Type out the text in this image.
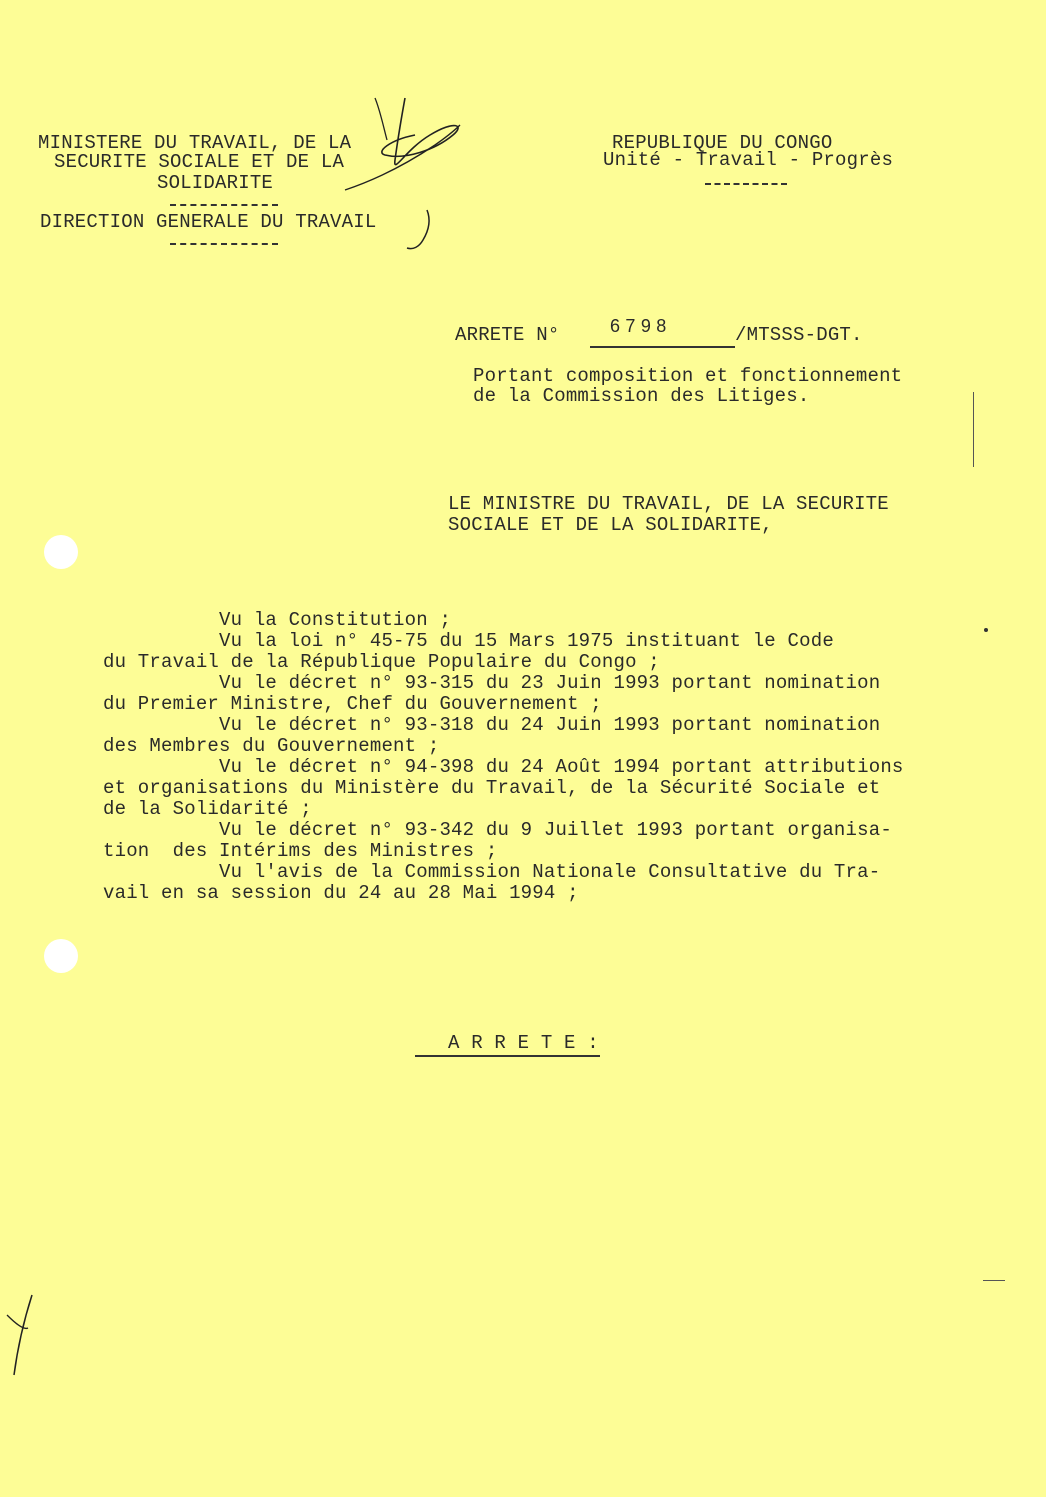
MINISTERE DU TRAVAIL, DE LA
SECURITE SOCIALE ET DE LA
SOLIDARITE
DIRECTION GENERALE DU TRAVAIL
REPUBLIQUE DU CONGO
Unité - Travail - Progrès
ARRETE N°	6 7 9 8	/MTSSS-DGT.
Portant composition et fonctionnement
de la Commission des Litiges.
LE MINISTRE DU TRAVAIL, DE LA SECURITE
SOCIALE ET DE LA SOLIDARITE,
Vu la Constitution ;
Vu la loi n° 45-75 du 15 Mars 1975 instituant le Code
du Travail de la République Populaire du Congo ;
Vu le décret n° 93-315 du 23 Juin 1993 portant nomination
du Premier Ministre, Chef du Gouvernement ;
Vu le décret n° 93-318 du 24 Juin 1993 portant nomination
des Membres du Gouvernement ;
Vu le décret n° 94-398 du 24 Août 1994 portant attributions
et organisations du Ministère du Travail, de la Sécurité Sociale et
de la Solidarité ;
Vu le décret n° 93-342 du 9 Juillet 1993 portant organisa-
tion  des Intérims des Ministres ;
Vu l'avis de la Commission Nationale Consultative du Tra-
vail en sa session du 24 au 28 Mai 1994 ;
A R R E T E :
